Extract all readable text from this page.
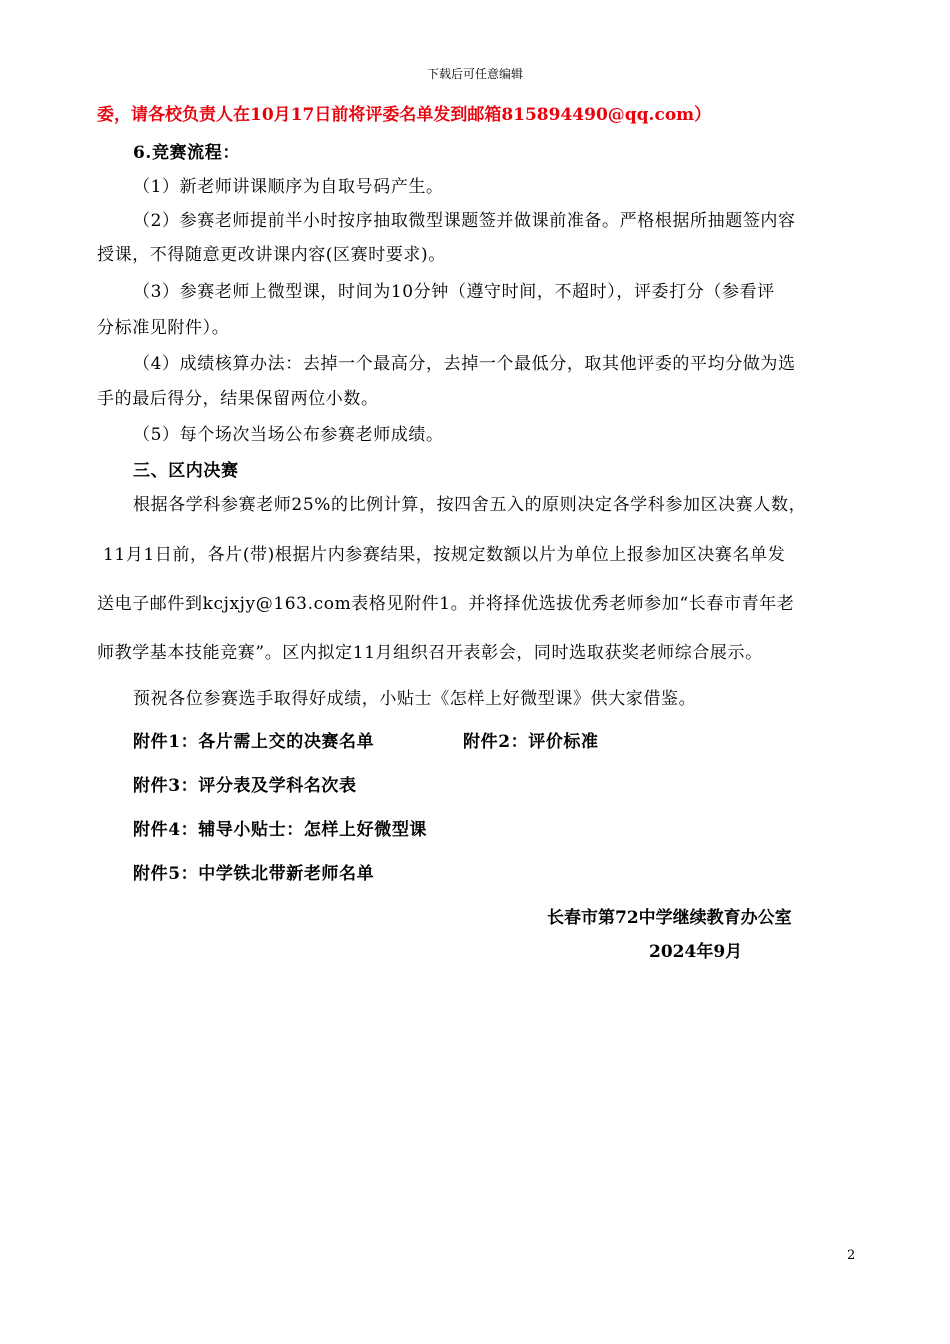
下载后可任意编辑
委，请各校负责人在10月17日前将评委名单发到邮箱815894490@qq.com）
6.竞赛流程：
（1）新老师讲课顺序为自取号码产生。
（2）参赛老师提前半小时按序抽取微型课题签并做课前准备。严格根据所抽题签内容
授课，不得随意更改讲课内容(区赛时要求)。
（3）参赛老师上微型课，时间为10分钟（遵守时间，不超时），评委打分（参看评
分标准见附件）。
（4）成绩核算办法：去掉一个最高分，去掉一个最低分，取其他评委的平均分做为选
手的最后得分，结果保留两位小数。
（5）每个场次当场公布参赛老师成绩。
三、区内决赛
根据各学科参赛老师25%的比例计算，按四舍五入的原则决定各学科参加区决赛人数，
11月1日前，各片(带)根据片内参赛结果，按规定数额以片为单位上报参加区决赛名单发
送电子邮件到kcjxjy@163.com表格见附件1。并将择优选拔优秀老师参加“长春市青年老
师教学基本技能竞赛”。区内拟定11月组织召开表彰会，同时选取获奖老师综合展示。
预祝各位参赛选手取得好成绩，小贴士《怎样上好微型课》供大家借鉴。
附件1：各片需上交的决赛名单	附件2：评价标准
附件3：评分表及学科名次表
附件4：辅导小贴士：怎样上好微型课
附件5：中学铁北带新老师名单
长春市第72中学继续教育办公室
2024年9月
2
